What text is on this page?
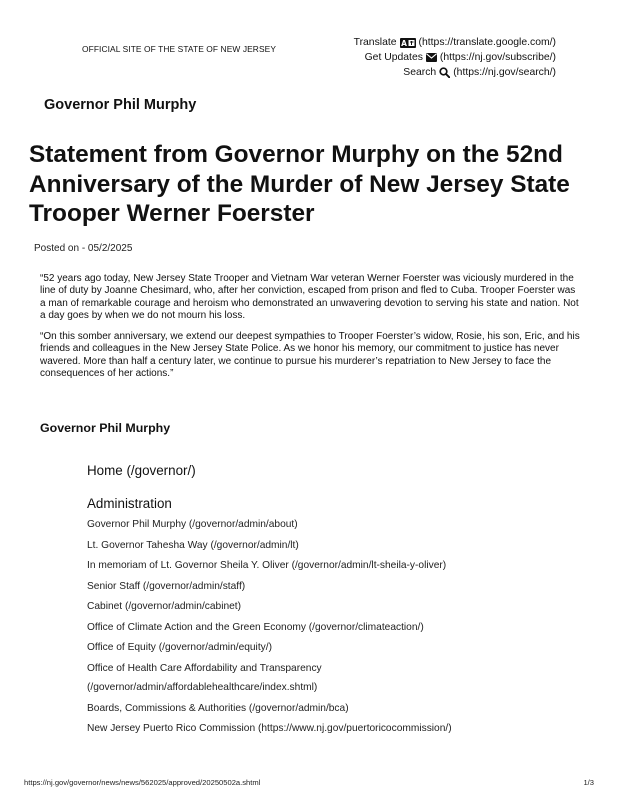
OFFICIAL SITE OF THE STATE OF NEW JERSEY
Translate A (https://translate.google.com/)
Get Updates (https://nj.gov/subscribe/)
Search (https://nj.gov/search/)
Governor Phil Murphy
Statement from Governor Murphy on the 52nd Anniversary of the Murder of New Jersey State Trooper Werner Foerster
Posted on - 05/2/2025

“52 years ago today, New Jersey State Trooper and Vietnam War veteran Werner Foerster was viciously murdered in the line of duty by Joanne Chesimard, who, after her conviction, escaped from prison and fled to Cuba. Trooper Foerster was a man of remarkable courage and heroism who demonstrated an unwavering devotion to serving his state and nation. Not a day goes by when we do not mourn his loss.

“On this somber anniversary, we extend our deepest sympathies to Trooper Foerster’s widow, Rosie, his son, Eric, and his friends and colleagues in the New Jersey State Police. As we honor his memory, our commitment to justice has never wavered. More than half a century later, we continue to pursue his murderer’s repatriation to New Jersey to face the consequences of her actions.”

Governor Phil Murphy
Home (/governor/)
Administration
Governor Phil Murphy (/governor/admin/about)
Lt. Governor Tahesha Way (/governor/admin/lt)
In memoriam of Lt. Governor Sheila Y. Oliver (/governor/admin/lt-sheila-y-oliver)
Senior Staff (/governor/admin/staff)
Cabinet (/governor/admin/cabinet)
Office of Climate Action and the Green Economy (/governor/climateaction/)
Office of Equity (/governor/admin/equity/)
Office of Health Care Affordability and Transparency
(/governor/admin/affordablehealthcare/index.shtml)
Boards, Commissions & Authorities (/governor/admin/bca)
New Jersey Puerto Rico Commission (https://www.nj.gov/puertoricocommission/)
https://nj.gov/governor/news/news/562025/approved/20250502a.shtml	1/3
